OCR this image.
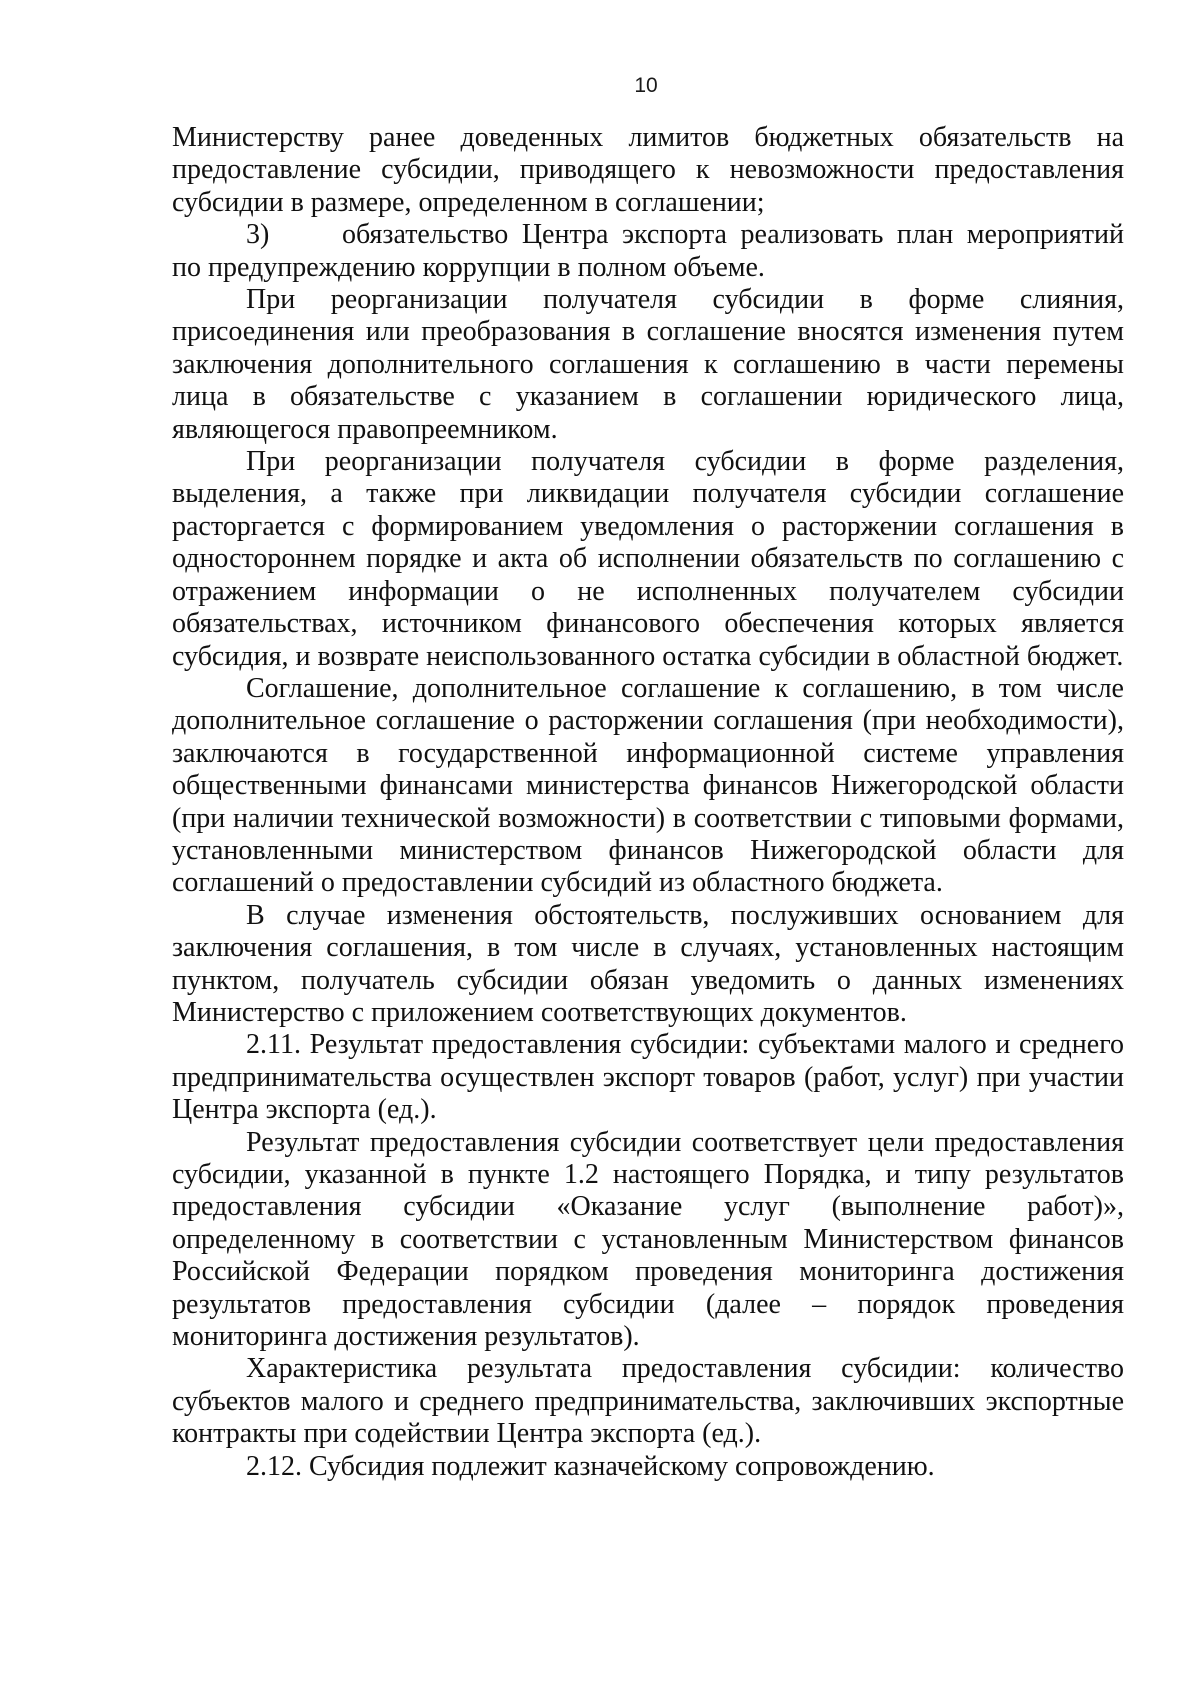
10

Министерству ранее доведенных лимитов бюджетных обязательств на предоставление субсидии, приводящего к невозможности предоставления субсидии в размере, определенном в соглашении;

3)	обязательство Центра экспорта реализовать план мероприятий по предупреждению коррупции в полном объеме.

При реорганизации получателя субсидии в форме слияния, присоединения или преобразования в соглашение вносятся изменения путем заключения дополнительного соглашения к соглашению в части перемены лица в обязательстве с указанием в соглашении юридического лица, являющегося правопреемником.

При реорганизации получателя субсидии в форме разделения, выделения, а также при ликвидации получателя субсидии соглашение расторгается с формированием уведомления о расторжении соглашения в одностороннем порядке и акта об исполнении обязательств по соглашению с отражением информации о не исполненных получателем субсидии обязательствах, источником финансового обеспечения которых является субсидия, и возврате неиспользованного остатка субсидии в областной бюджет.

Соглашение, дополнительное соглашение к соглашению, в том числе дополнительное соглашение о расторжении соглашения (при необходимости), заключаются в государственной информационной системе управления общественными финансами министерства финансов Нижегородской области (при наличии технической возможности) в соответствии с типовыми формами, установленными министерством финансов Нижегородской области для соглашений о предоставлении субсидий из областного бюджета.

В случае изменения обстоятельств, послуживших основанием для заключения соглашения, в том числе в случаях, установленных настоящим пунктом, получатель субсидии обязан уведомить о данных изменениях Министерство с приложением соответствующих документов.

2.11. Результат предоставления субсидии: субъектами малого и среднего предпринимательства осуществлен экспорт товаров (работ, услуг) при участии Центра экспорта (ед.).

Результат предоставления субсидии соответствует цели предоставления субсидии, указанной в пункте 1.2 настоящего Порядка, и типу результатов предоставления субсидии «Оказание услуг (выполнение работ)», определенному в соответствии с установленным Министерством финансов Российской Федерации порядком проведения мониторинга достижения результатов предоставления субсидии (далее – порядок проведения мониторинга достижения результатов).

Характеристика результата предоставления субсидии: количество субъектов малого и среднего предпринимательства, заключивших экспортные контракты при содействии Центра экспорта (ед.).

2.12. Субсидия подлежит казначейскому сопровождению.
